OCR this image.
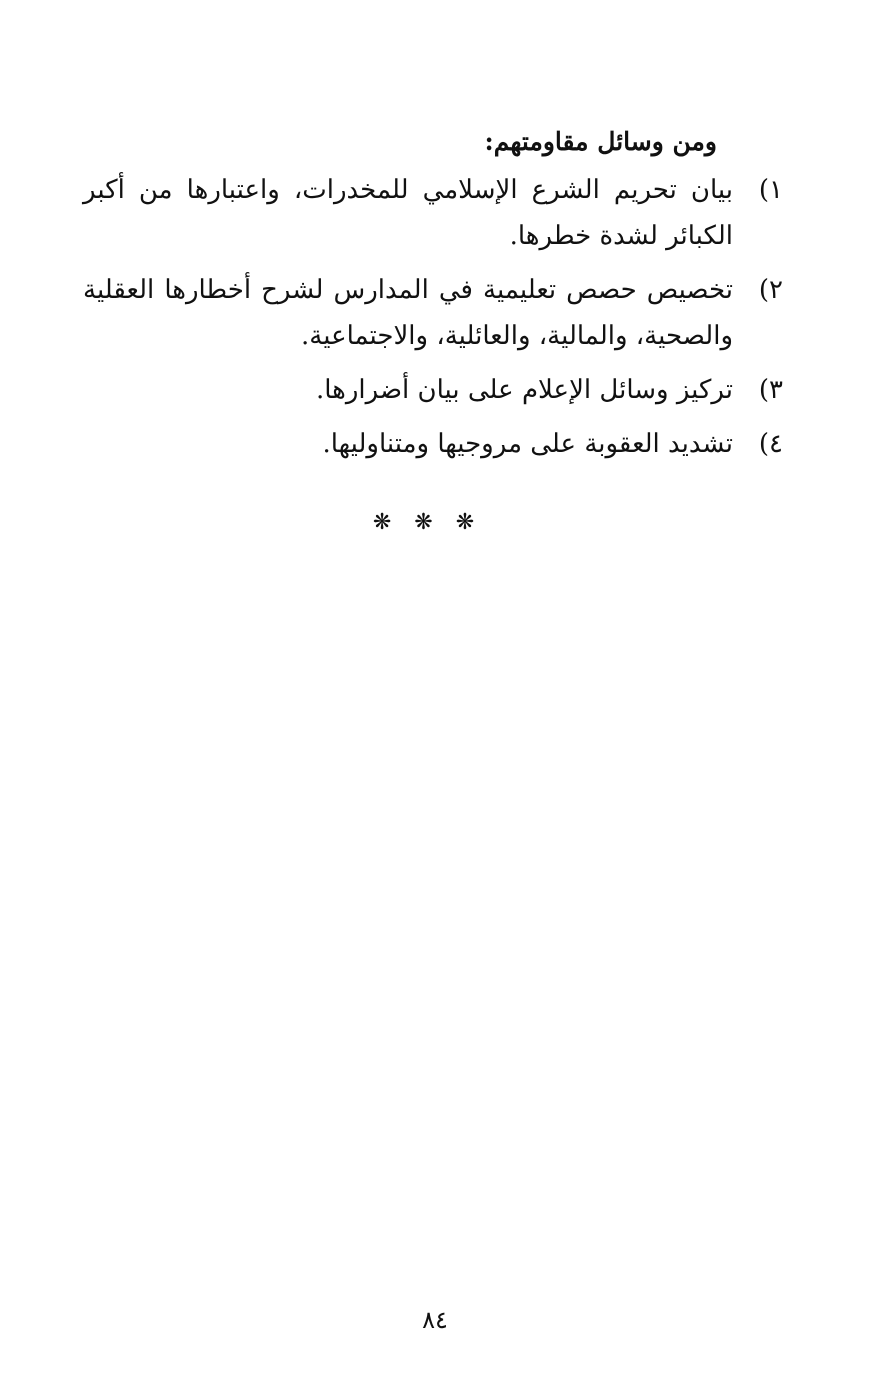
ومن وسائل مقاومتهم:
١)
بيان تحريم الشرع الإسلامي للمخدرات، واعتبارها من أكبر الكبائر لشدة خطرها.
٢)
تخصيص حصص تعليمية في المدارس لشرح أخطارها العقلية والصحية، والمالية، والعائلية، والاجتماعية.
٣)
تركيز وسائل الإعلام على بيان أضرارها.
٤)
تشديد العقوبة على مروجيها ومتناوليها.
❋ ❋ ❋
٨٤
